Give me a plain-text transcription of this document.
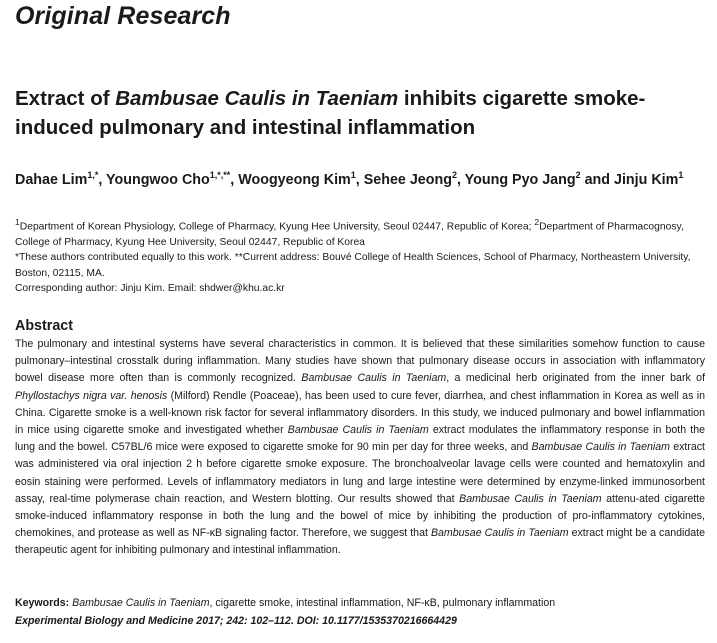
Original Research
Extract of Bambusae Caulis in Taeniam inhibits cigarette smoke-induced pulmonary and intestinal inflammation
Dahae Lim$^{1,*}$, Youngwoo Cho$^{1,*,**}$, Woogyeong Kim$^1$, Sehee Jeong$^2$, Young Pyo Jang$^2$ and Jinju Kim$^1$

$^1$Department of Korean Physiology, College of Pharmacy, Kyung Hee University, Seoul 02447, Republic of Korea; $^2$Department of Pharmacognosy, College of Pharmacy, Kyung Hee University, Seoul 02447, Republic of Korea

*These authors contributed equally to this work. **Current address: Bouvé College of Health Sciences, School of Pharmacy, Northeastern University, Boston, 02115, MA.

Corresponding author: Jinju Kim. Email: shdwer@khu.ac.kr

Abstract
The pulmonary and intestinal systems have several characteristics in common. It is believed that these similarities somehow function to cause pulmonary–intestinal crosstalk during inflammation. Many studies have shown that pulmonary disease occurs in association with inflammatory bowel disease more often than is commonly recognized. Bambusae Caulis in Taeniam, a medicinal herb originated from the inner bark of Phyllostachys nigra var. henosis (Milford) Rendle (Poaceae), has been used to cure fever, diarrhea, and chest inflammation in Korea as well as in China. Cigarette smoke is a well-known risk factor for several inflammatory disorders. In this study, we induced pulmonary and bowel inflammation in mice using cigarette smoke and investigated whether Bambusae Caulis in Taeniam extract modulates the inflammatory response in both the lung and the bowel. C57BL/6 mice were exposed to cigarette smoke for 90 min per day for three weeks, and Bambusae Caulis in Taeniam extract was administered via oral injection 2 h before cigarette smoke exposure. The bronchoalveolar lavage cells were counted and hematoxylin and eosin staining were performed. Levels of inflammatory mediators in lung and large intestine were determined by enzyme-linked immunosorbent assay, real-time polymerase chain reaction, and Western blotting. Our results showed that Bambusae Caulis in Taeniam attenu-ated cigarette smoke-induced inflammatory response in both the lung and the bowel of mice by inhibiting the production of pro-inflammatory cytokines, chemokines, and protease as well as NF-κB signaling factor. Therefore, we suggest that Bambusae Caulis in Taeniam extract might be a candidate therapeutic agent for inhibiting pulmonary and intestinal inflammation.
Keywords: Bambusae Caulis in Taeniam, cigarette smoke, intestinal inflammation, NF-κB, pulmonary inflammation
Experimental Biology and Medicine 2017; 242: 102–112. DOI: 10.1177/1535370216664429
